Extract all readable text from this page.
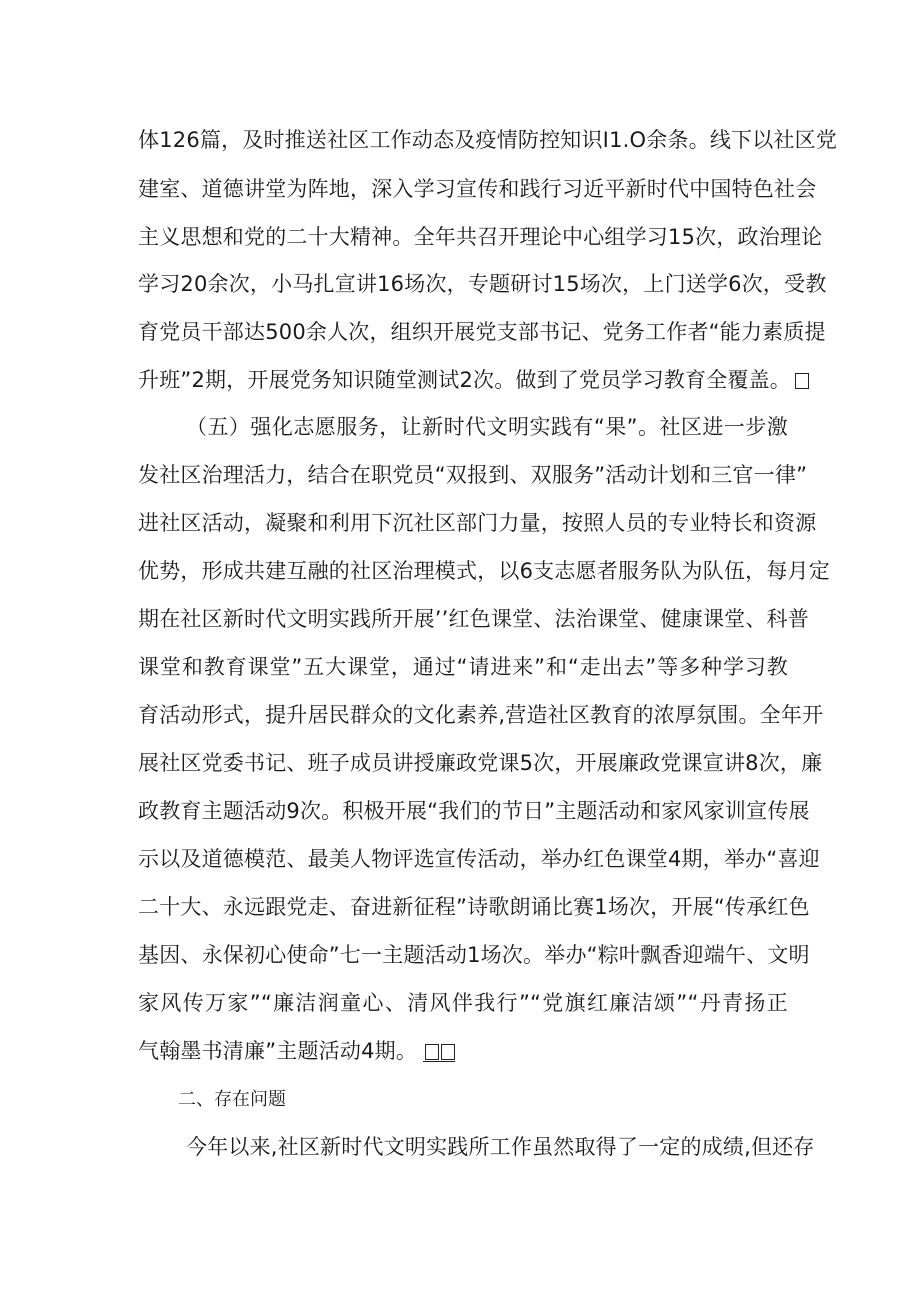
体126篇，及时推送社区工作动态及疫情防控知识I1.O余条。线下以社区党
建室、道德讲堂为阵地，深入学习宣传和践行习近平新时代中国特色社会
主义思想和党的二十大精神。全年共召开理论中心组学习15次，政治理论
学习20余次，小马扎宣讲16场次，专题研讨15场次，上门送学6次，受教
育党员干部达500余人次，组织开展党支部书记、党务工作者“能力素质提
升班”2期，开展党务知识随堂测试2次。做到了党员学习教育全覆盖。
（五）强化志愿服务，让新时代文明实践有“果”。社区进一步激
发社区治理活力，结合在职党员“双报到、双服务”活动计划和三官一律”
进社区活动，凝聚和利用下沉社区部门力量，按照人员的专业特长和资源
优势，形成共建互融的社区治理模式，以6支志愿者服务队为队伍，每月定
期在社区新时代文明实践所开展’’红色课堂、法治课堂、健康课堂、科普
课堂和教育课堂”五大课堂，通过“请进来”和“走出去”等多种学习教
育活动形式，提升居民群众的文化素养,营造社区教育的浓厚氛围。全年开
展社区党委书记、班子成员讲授廉政党课5次，开展廉政党课宣讲8次，廉
政教育主题活动9次。积极开展“我们的节日”主题活动和家风家训宣传展
示以及道德模范、最美人物评选宣传活动，举办红色课堂4期，举办“喜迎
二十大、永远跟党走、奋进新征程”诗歌朗诵比赛1场次，开展“传承红色
基因、永保初心使命”七一主题活动1场次。举办“粽叶飘香迎端午、文明
家风传万家”“廉洁润童心、清风伴我行”“党旗红廉洁颂”“丹青扬正
气翰墨书清廉”主题活动4期。
二、存在问题
今年以来,社区新时代文明实践所工作虽然取得了一定的成绩,但还存
